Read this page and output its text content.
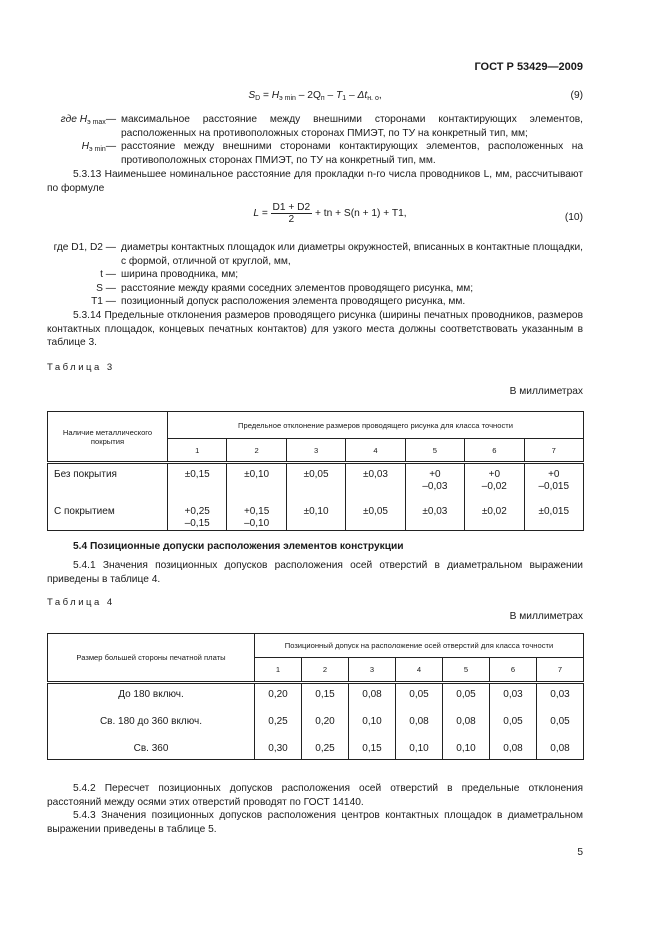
ГОСТ Р 53429—2009
$S_D = H_{э min} - 2Q_п - T_1 - \Delta t_{н. о}$,	(9)
где $H_{э max}—$ максимальное расстояние между внешними сторонами контактирующих элементов, расположенных на противоположных сторонах ПМИЭТ, по ТУ на конкретный тип, мм;
$H_{э min}—$ расстояние между внешними сторонами контактирующих элементов, расположенных на противоположных сторонах ПМИЭТ, по ТУ на конкретный тип, мм.
5.3.13 Наименьшее номинальное расстояние для прокладки n-го числа проводников L, мм, рассчитывают по формуле
$L = \frac{D1 + D2}{2}$ + tn + S(n + 1) + T1,	(10)
где D1, D2 — диаметры контактных площадок или диаметры окружностей, вписанных в контактные площадки, с формой, отличной от круглой, мм,
t — ширина проводника, мм;
S — расстояние между краями соседних элементов проводящего рисунка, мм;
T1 — позиционный допуск расположения элемента проводящего рисунка, мм.
5.3.14 Предельные отклонения размеров проводящего рисунка (ширины печатных проводников, размеров контактных площадок, концевых печатных контактов) для узкого места должны соответствовать указанным в таблице 3.
Таблица 3
В миллиметрах
Наличие металлического покрытия	Предельное отклонение размеров проводящего рисунка для класса точности						
	1	2	3	4	5	6	7
Без покрытия	±0,15	±0,10	±0,05	±0,03	+0
–0,03	+0
–0,02	+0
–0,015
С покрытием	+0,25
–0,15	+0,15
–0,10	±0,10	±0,05	±0,03	±0,02	±0,015
5.4 Позиционные допуски расположения элементов конструкции
5.4.1 Значения позиционных допусков расположения осей отверстий в диаметральном выражении приведены в таблице 4.
Таблица 4
В миллиметрах
Размер большей стороны печатной платы	Позиционный допуск на расположение осей отверстий для класса точности						
	1	2	3	4	5	6	7
До 180 включ.	0,20	0,15	0,08	0,05	0,05	0,03	0,03
Св. 180 до 360 включ.	0,25	0,20	0,10	0,08	0,08	0,05	0,05
Св. 360	0,30	0,25	0,15	0,10	0,10	0,08	0,08
5.4.2 Пересчет позиционных допусков расположения осей отверстий в предельные отклонения расстояний между осями этих отверстий проводят по ГОСТ 14140.
5.4.3 Значения позиционных допусков расположения центров контактных площадок в диаметральном выражении приведены в таблице 5.
5
